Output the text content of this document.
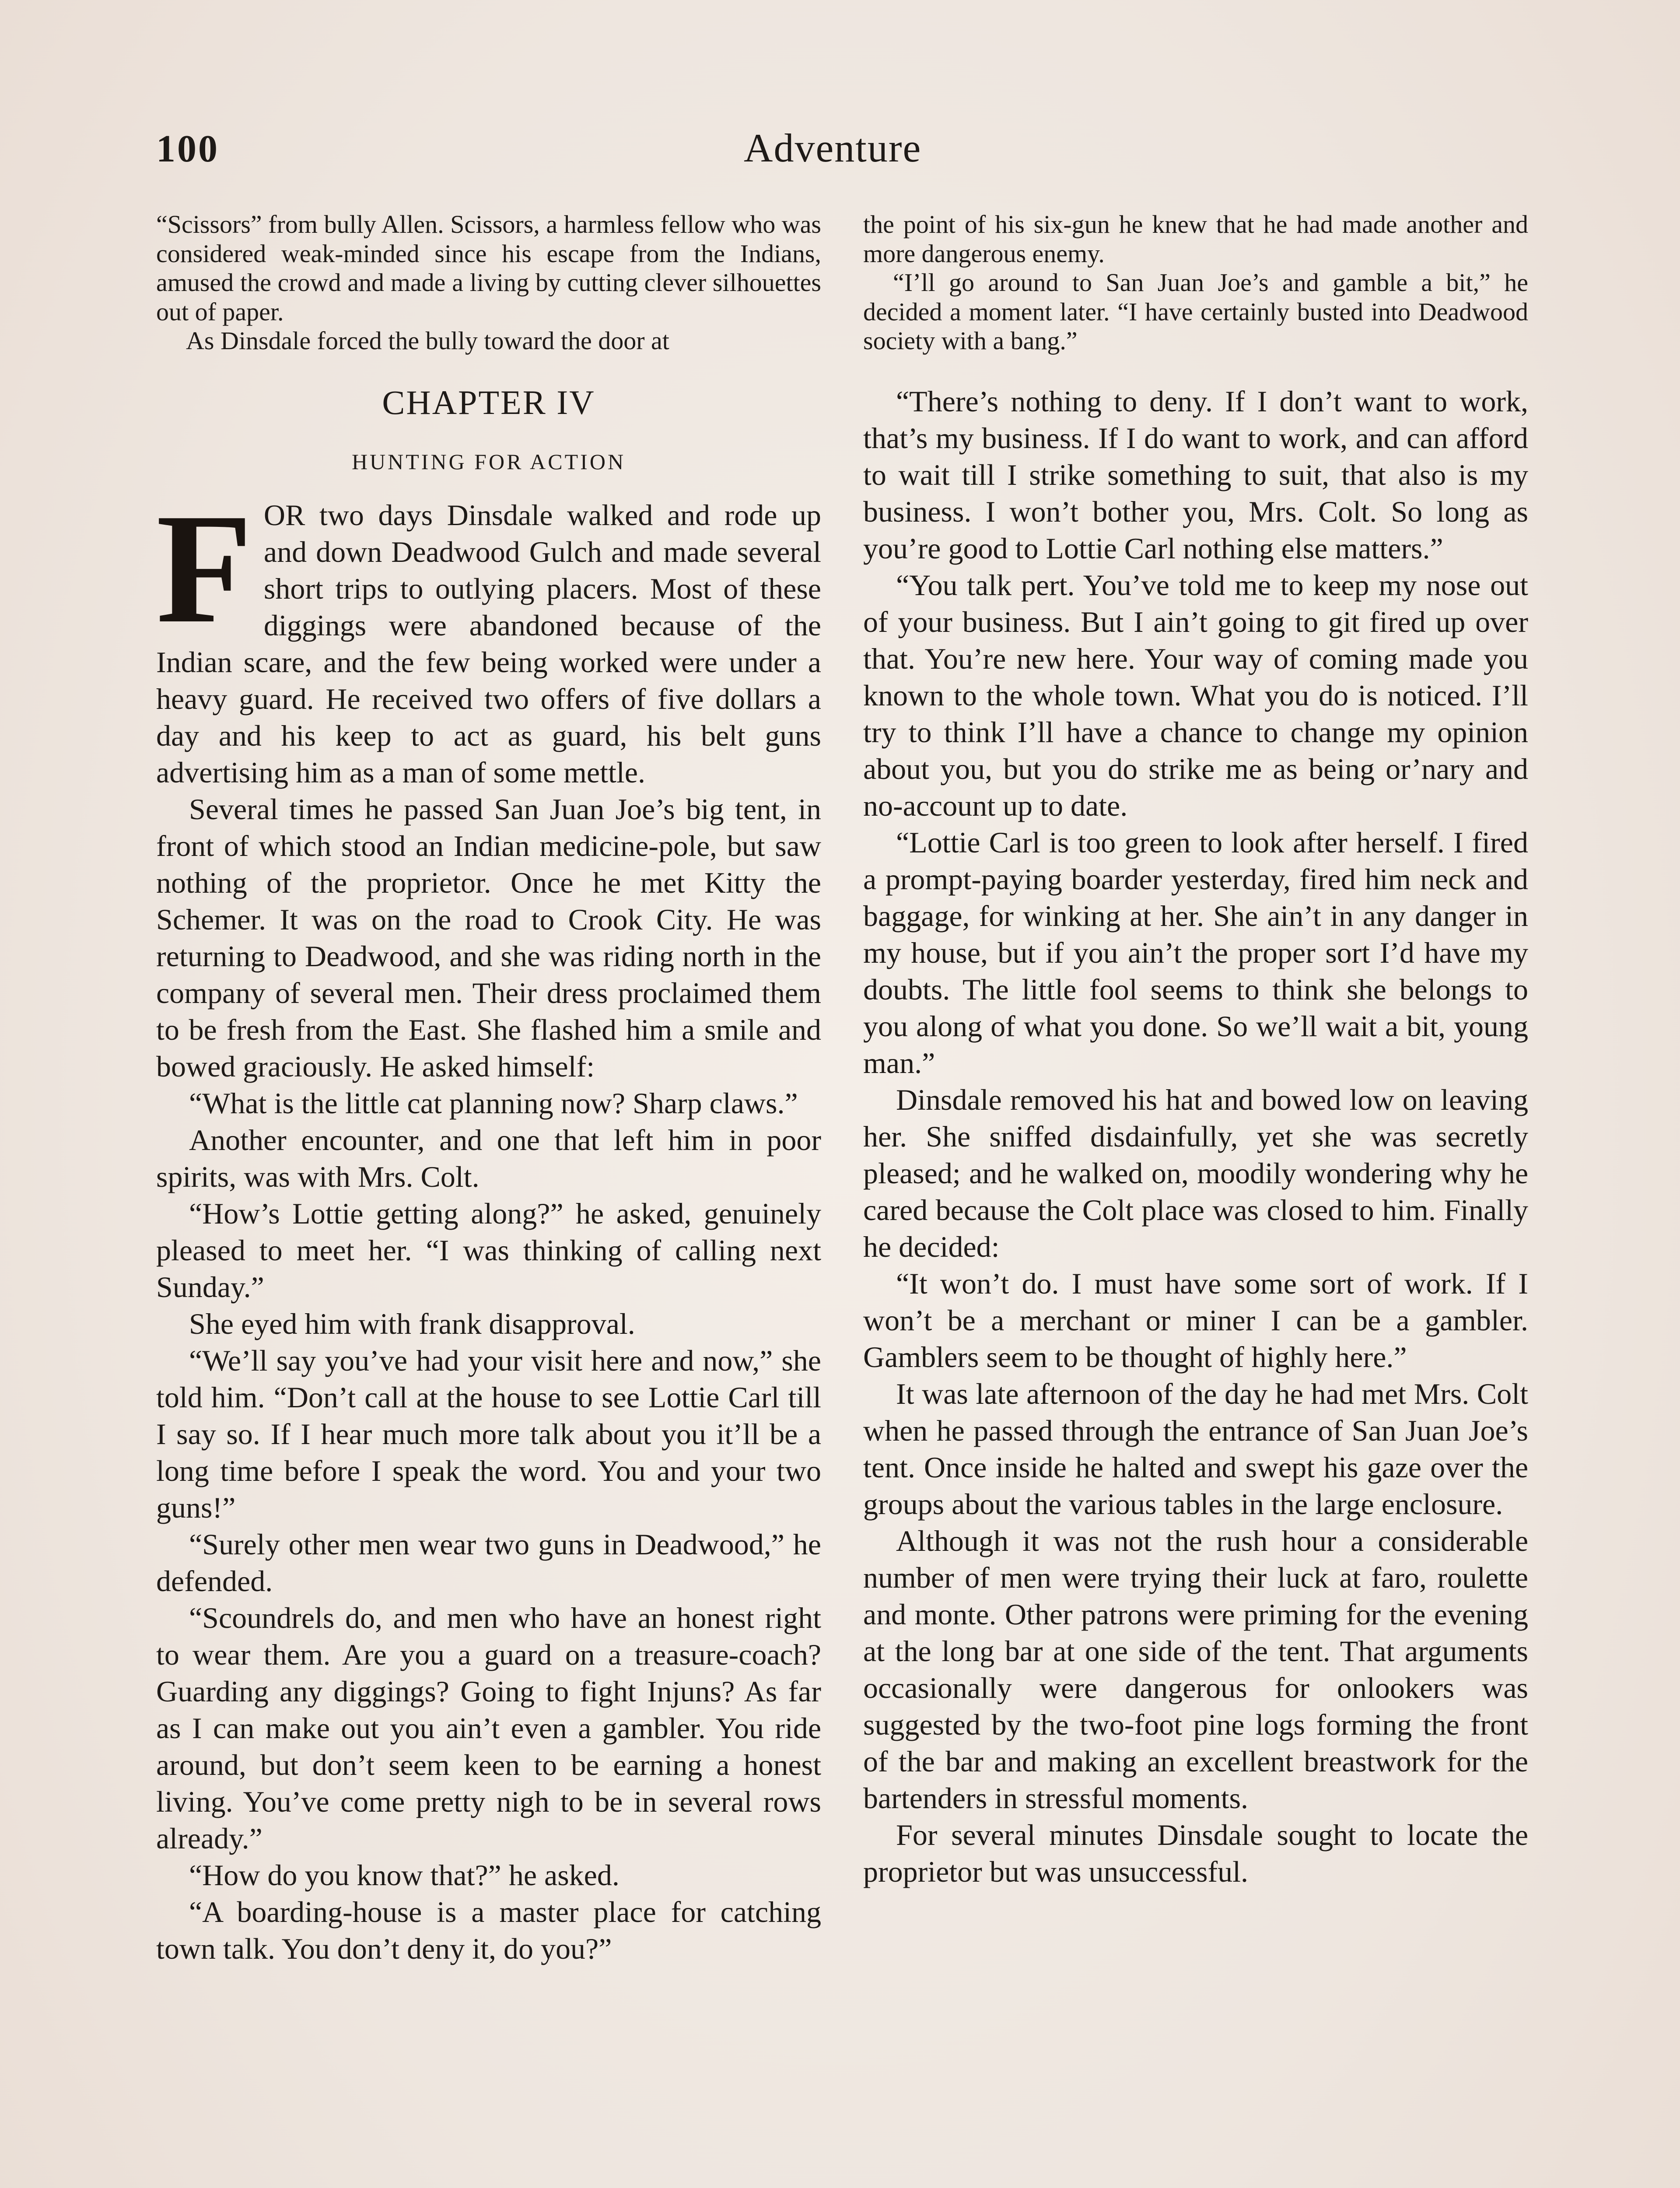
100	Adventure

“Scissors” from bully Allen. Scissors, a harmless fellow who was considered weak-minded since his escape from the Indians, amused the crowd and made a living by cutting clever silhouettes out of paper.

As Dinsdale forced the bully toward the door at

CHAPTER IV
HUNTING FOR ACTION
F OR two days Dinsdale walked and rode up and down Deadwood Gulch and made several short trips to outlying placers. Most of these diggings were abandoned because of the Indian scare, and the few being worked were under a heavy guard. He received two offers of five dollars a day and his keep to act as guard, his belt guns advertising him as a man of some mettle.

Several times he passed San Juan Joe’s big tent, in front of which stood an Indian medicine-pole, but saw nothing of the proprietor. Once he met Kitty the Schemer. It was on the road to Crook City. He was returning to Deadwood, and she was riding north in the company of several men. Their dress proclaimed them to be fresh from the East. She flashed him a smile and bowed graciously. He asked himself:

“What is the little cat planning now? Sharp claws.”

Another encounter, and one that left him in poor spirits, was with Mrs. Colt.

“How’s Lottie getting along?” he asked, genuinely pleased to meet her. “I was thinking of calling next Sunday.”

She eyed him with frank disapproval.

“We’ll say you’ve had your visit here and now,” she told him. “Don’t call at the house to see Lottie Carl till I say so. If I hear much more talk about you it’ll be a long time before I speak the word. You and your two guns!”

“Surely other men wear two guns in Deadwood,” he defended.

“Scoundrels do, and men who have an honest right to wear them. Are you a guard on a treasure-coach? Guarding any diggings? Going to fight Injuns? As far as I can make out you ain’t even a gambler. You ride around, but don’t seem keen to be earning a honest living. You’ve come pretty nigh to be in several rows already.”

“How do you know that?” he asked.

“A boarding-house is a master place for catching town talk. You don’t deny it, do you?”

the point of his six-gun he knew that he had made another and more dangerous enemy.

“I’ll go around to San Juan Joe’s and gamble a bit,” he decided a moment later. “I have certainly busted into Deadwood society with a bang.”

“There’s nothing to deny. If I don’t want to work, that’s my business. If I do want to work, and can afford to wait till I strike something to suit, that also is my business. I won’t bother you, Mrs. Colt. So long as you’re good to Lottie Carl nothing else matters.”

“You talk pert. You’ve told me to keep my nose out of your business. But I ain’t going to git fired up over that. You’re new here. Your way of coming made you known to the whole town. What you do is noticed. I’ll try to think I’ll have a chance to change my opinion about you, but you do strike me as being or’nary and no-account up to date.

“Lottie Carl is too green to look after herself. I fired a prompt-paying boarder yesterday, fired him neck and baggage, for winking at her. She ain’t in any danger in my house, but if you ain’t the proper sort I’d have my doubts. The little fool seems to think she belongs to you along of what you done. So we’ll wait a bit, young man.”

Dinsdale removed his hat and bowed low on leaving her. She sniffed disdainfully, yet she was secretly pleased; and he walked on, moodily wondering why he cared because the Colt place was closed to him. Finally he decided:

“It won’t do. I must have some sort of work. If I won’t be a merchant or miner I can be a gambler. Gamblers seem to be thought of highly here.”

It was late afternoon of the day he had met Mrs. Colt when he passed through the entrance of San Juan Joe’s tent. Once inside he halted and swept his gaze over the groups about the various tables in the large enclosure.

Although it was not the rush hour a considerable number of men were trying their luck at faro, roulette and monte. Other patrons were priming for the evening at the long bar at one side of the tent. That arguments occasionally were dangerous for onlookers was suggested by the two-foot pine logs forming the front of the bar and making an excellent breastwork for the bartenders in stressful moments.

For several minutes Dinsdale sought to locate the proprietor but was unsuccessful.
